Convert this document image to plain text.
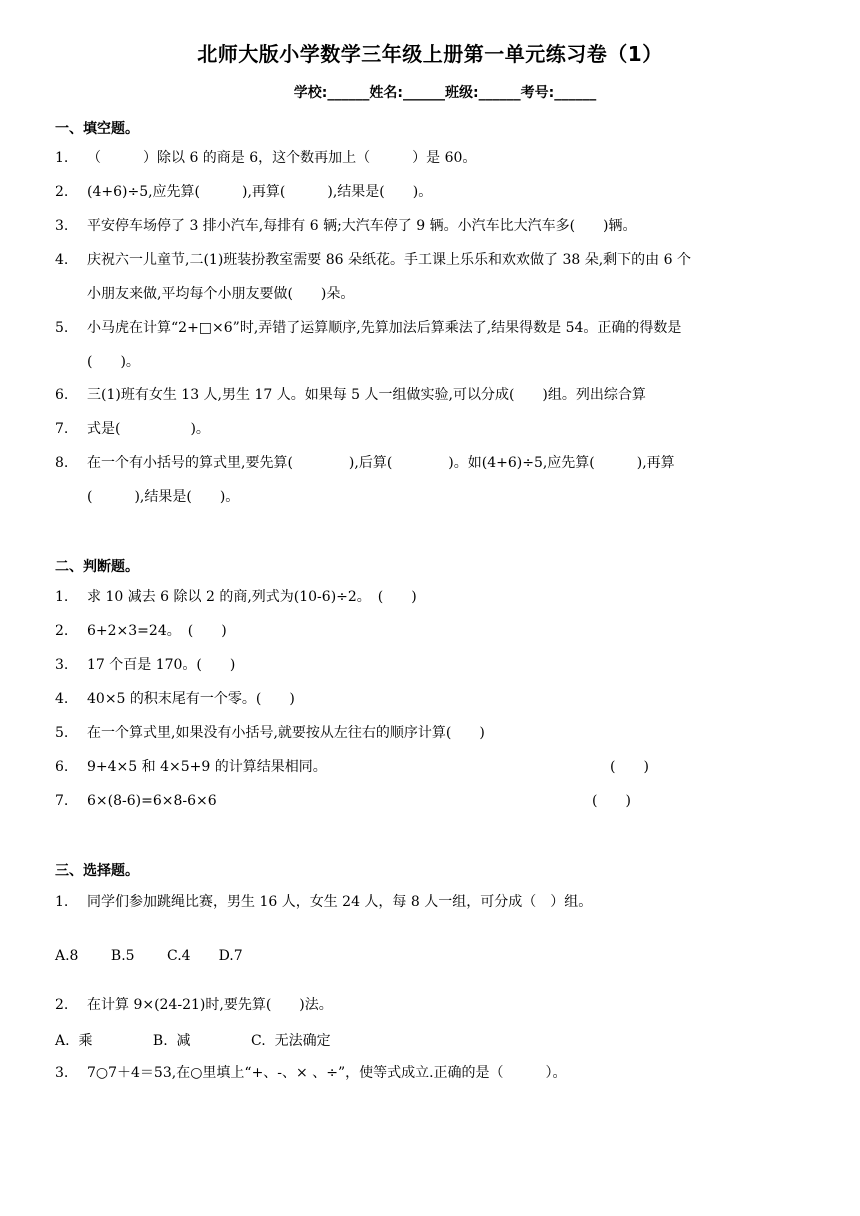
北师大版小学数学三年级上册第一单元练习卷（1）
学校:______姓名:______班级:______考号:______
一、填空题。
1. （　　　）除以 6 的商是 6，这个数再加上（　　　）是 60。
2. (4+6)÷5,应先算(　　　),再算(　　　),结果是(　　)。
3. 平安停车场停了 3 排小汽车,每排有 6 辆;大汽车停了 9 辆。小汽车比大汽车多(　　)辆。
4. 庆祝六一儿童节,二(1)班装扮教室需要 86 朵纸花。手工课上乐乐和欢欢做了 38 朵,剩下的由 6 个
小朋友来做,平均每个小朋友要做(　　)朵。
5. 小马虎在计算“2+□×6”时,弄错了运算顺序,先算加法后算乘法了,结果得数是 54。正确的得数是
(　　)。
6. 三(1)班有女生 13 人,男生 17 人。如果每 5 人一组做实验,可以分成(　　)组。列出综合算
7. 式是(　　　　　)。
8. 在一个有小括号的算式里,要先算(　　　　),后算(　　　　)。如(4+6)÷5,应先算(　　　),再算
(　　　),结果是(　　)。
二、判断题。
1. 求 10 减去 6 除以 2 的商,列式为(10-6)÷2。　(　　)
2. 6+2×3=24。　(　　)
3. 17 个百是 170。(　　)
4. 40×5 的积末尾有一个零。(　　)
5. 在一个算式里,如果没有小括号,就要按从左往右的顺序计算(　　)
6. 9+4×5 和 4×5+9 的计算结果相同。	(　　)
7. 6×(8-6)=6×8-6×6	(　　)
三、选择题。
1. 同学们参加跳绳比赛，男生 16 人，女生 24 人，每 8 人一组，可分成（　）组。
A.8　　 B.5　　 C.4　　D.7
2. 在计算 9×(24-21)时,要先算(　　)法。
A.  乘　　　　 B.  减　　　　 C.  无法确定
3. 7○7＋4＝53,在○里填上“+、-、× 、÷”，使等式成立.正确的是（　　　）。
